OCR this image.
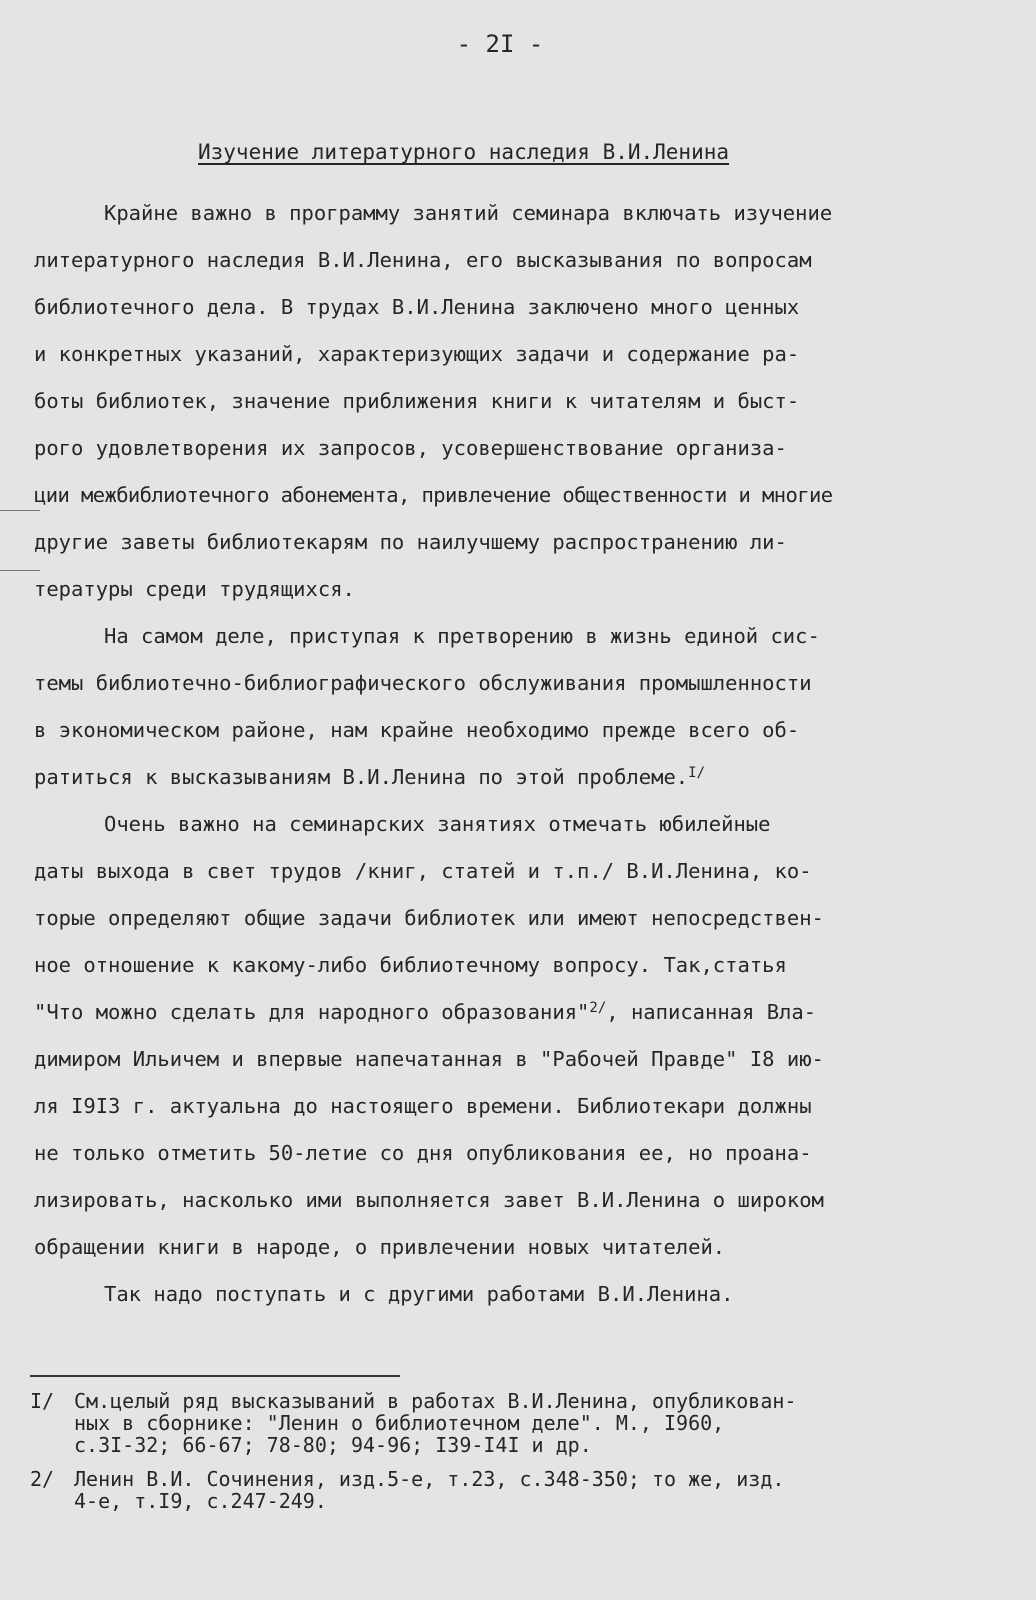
- 2I -
Изучение литературного наследия В.И.Ленина
Крайне важно в программу занятий семинара включать изучение
литературного наследия В.И.Ленина, его высказывания по вопросам
библиотечного дела. В трудах В.И.Ленина заключено много ценных
и конкретных указаний, характеризующих задачи и содержание ра-
боты библиотек, значение приближения книги к читателям и быст-
рого удовлетворения их запросов, усовершенствование организа-
ции межбиблиотечного абонемента, привлечение общественности и многие
другие заветы библиотекарям по наилучшему распространению ли-
тературы среди трудящихся.
На самом деле, приступая к претворению в жизнь единой сис-
темы библиотечно-библиографического обслуживания промышленности
в экономическом районе, нам крайне необходимо прежде всего об-
ратиться к высказываниям В.И.Ленина по этой проблеме.$^{I/}$
Очень важно на семинарских занятиях отмечать юбилейные
даты выхода в свет трудов /книг, статей и т.п./ В.И.Ленина, ко-
торые определяют общие задачи библиотек или имеют непосредствен-
ное отношение к какому-либо библиотечному вопросу. Так,статья
"Что можно сделать для народного образования"$^{2/}$, написанная Вла-
димиром Ильичем и впервые напечатанная в "Рабочей Правде" I8 ию-
ля I9I3 г. актуальна до настоящего времени. Библиотекари должны
не только отметить 50-летие со дня опубликования ее, но проана-
лизировать, насколько ими выполняется завет В.И.Ленина о широком
обращении книги в народе, о привлечении новых читателей.
Так надо поступать и с другими работами В.И.Ленина.
I/ См.целый ряд высказываний в работах В.И.Ленина, опубликован-
ных в сборнике: "Ленин о библиотечном деле". М., I960,
с.3I-32; 66-67; 78-80; 94-96; I39-I4I и др.
2/ Ленин В.И. Сочинения, изд.5-е, т.23, с.348-350; то же, изд.
4-е, т.I9, с.247-249.
